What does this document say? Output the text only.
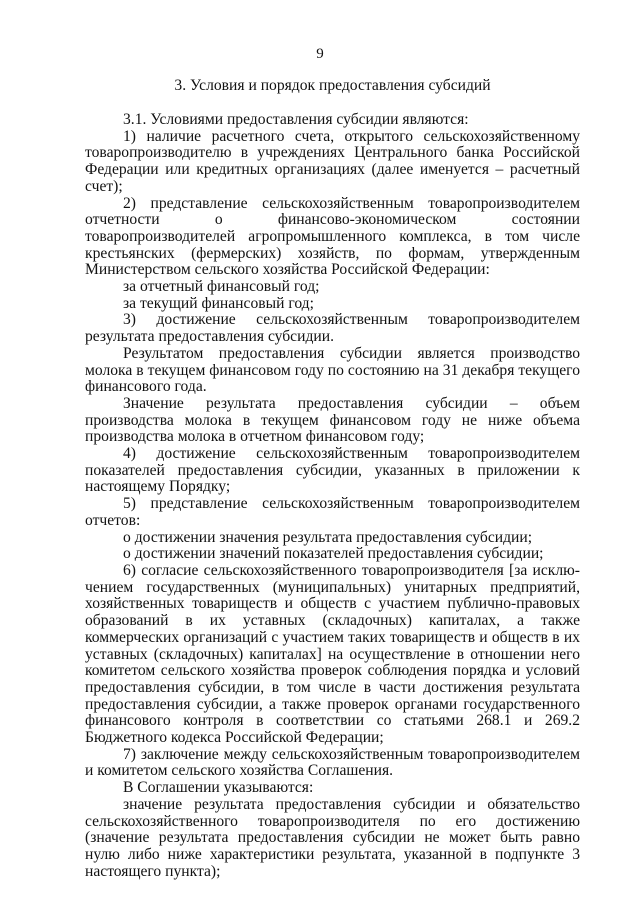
9
3. Условия и порядок предоставления субсидий

3.1. Условиями предоставления субсидии являются:

1) наличие расчетного счета, открытого сельскохозяйственному товаропроизводителю в учреждениях Центрального банка Российской Федерации или кредитных организациях (далее именуется – расчетный счет);

2) представление сельскохозяйственным товаропроизводителем отчетности о финансово-экономическом состоянии товаропроизводителей агропромышленного комплекса, в том числе крестьянских (фермерских) хозяйств, по формам, утвержденным Министерством сельского хозяйства Российской Федерации:

за отчетный финансовый год;
за текущий финансовый год;

3) достижение сельскохозяйственным товаропроизводителем результата предоставления субсидии.

Результатом предоставления субсидии является производство молока в текущем финансовом году по состоянию на 31 декабря текущего финансового года.

Значение результата предоставления субсидии – объем производства молока в текущем финансовом году не ниже объема производства молока в отчетном финансовом году;

4) достижение сельскохозяйственным товаропроизводителем показателей предоставления субсидии, указанных в приложении к настоящему Порядку;

5) представление сельскохозяйственным товаропроизводителем отчетов:

о достижении значения результата предоставления субсидии;
о достижении значений показателей предоставления субсидии;

6) согласие сельскохозяйственного товаропроизводителя [за исклю-чением государственных (муниципальных) унитарных предприятий, хозяйственных товариществ и обществ с участием публично-правовых образований в их уставных (складочных) капиталах, а также коммерческих организаций с участием таких товариществ и обществ в их уставных (складочных) капиталах] на осуществление в отношении него комитетом сельского хозяйства проверок соблюдения порядка и условий предоставления субсидии, в том числе в части достижения результата предоставления субсидии, а также проверок органами государственного финансового контроля в соответствии со статьями 268.1 и 269.2 Бюджетного кодекса Российской Федерации;

7) заключение между сельскохозяйственным товаропроизводителем и комитетом сельского хозяйства Соглашения.

В Соглашении указываются:

значение результата предоставления субсидии и обязательство сельскохозяйственного товаропроизводителя по его достижению (значение результата предоставления субсидии не может быть равно нулю либо ниже характеристики результата, указанной в подпункте 3 настоящего пункта);
